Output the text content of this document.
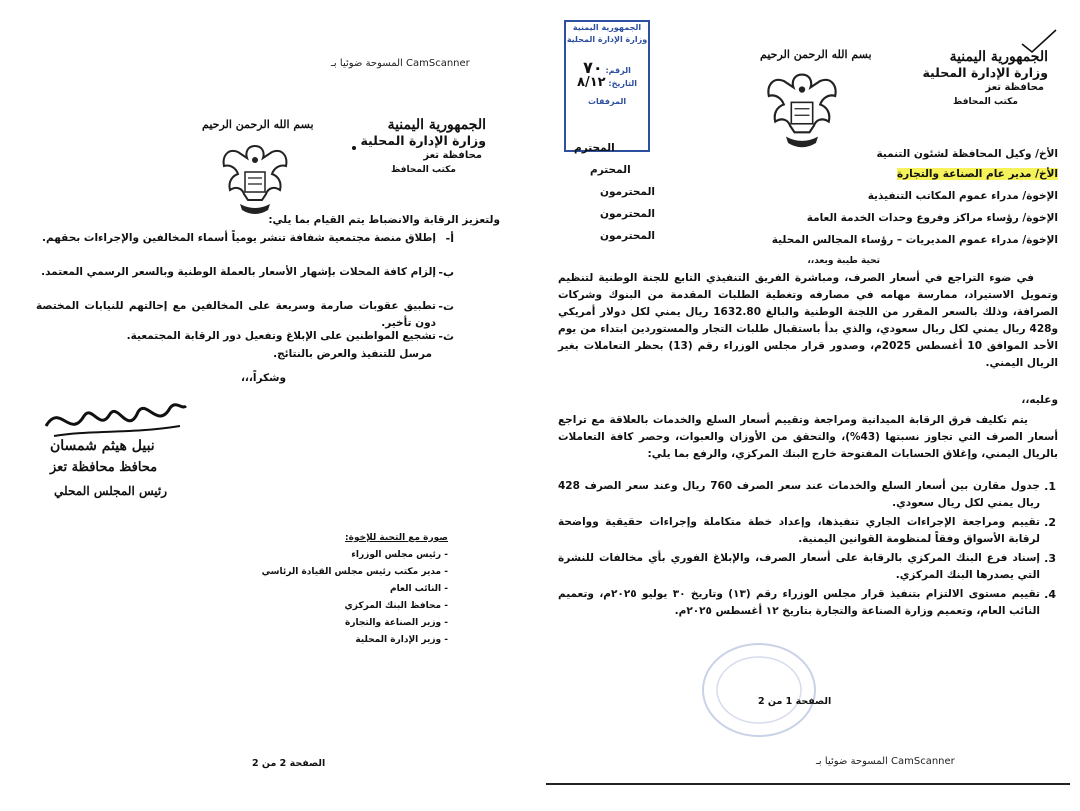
المسوحة ضوئيا بـ CamScanner
الجمهورية اليمنية
وزارة الإدارة المحلية
محافظة تعز
مكتب المحافظ
بسم الله الرحمن الرحيم
ولتعزيز الرقابة والانضباط يتم القيام بما يلي:
أ-
إطلاق منصة مجتمعية شفافة تنشر يومياً أسماء المخالفين والإجراءات بحقهم.
ب-
إلزام كافة المحلات بإشهار الأسعار بالعملة الوطنية وبالسعر الرسمي المعتمد.
ت-
تطبيق عقوبات صارمة وسريعة على المخالفين مع إحالتهم للنيابات المختصة دون تأخير.
ث-
تشجيع المواطنين على الإبلاغ وتفعيل دور الرقابة المجتمعية.
مرسل للتنفيذ والعرض بالنتائج.
وشكراً،،،
نبيل هيثم شمسان
محافظ محافظة تعز
رئيس المجلس المحلي
صورة مع التحية للإخوة:
- رئيس مجلس الوزراء
- مدير مكتب رئيس مجلس القيادة الرئاسي
- النائب العام
- محافظ البنك المركزي
- وزير الصناعة والتجارة
- وزير الإدارة المحلية
الصفحة 2 من 2
الجمهورية اليمنية
وزارة الإدارة المحلية
الرقم: ٧٠
التاريخ: ٨/١٢
المرفقات
الجمهورية اليمنية
وزارة الإدارة المحلية
محافظة تعز
مكتب المحافظ
بسم الله الرحمن الرحيم
الأخ/ وكيل المحافظة لشئون التنمية
المحترم
الأخ/ مدير عام الصناعة والتجارة
المحترم
الإخوة/ مدراء عموم المكاتب التنفيذية
المحترمون
الإخوة/ رؤساء مراكز وفروع وحدات الخدمة العامة
المحترمون
الإخوة/ مدراء عموم المديريات – رؤساء المجالس المحلية
المحترمون
تحية طيبة وبعد،،
في ضوء التراجع في أسعار الصرف، ومباشرة الفريق التنفيذي التابع للجنة الوطنية لتنظيم وتمويل الاستيراد، ممارسة مهامه في مصارفه وتغطية الطلبات المقدمة من البنوك وشركات الصرافة، وذلك بالسعر المقرر من اللجنة الوطنية والبالغ 1632.80 ريال يمني لكل دولار أمريكي و428 ريال يمني لكل ريال سعودي، والذي بدأ باستقبال طلبات التجار والمستوردين ابتداء من يوم الأحد الموافق 10 أغسطس 2025م، وصدور قرار مجلس الوزراء رقم (13) بحظر التعاملات بغير الريال اليمني.
وعليه،،
يتم تكليف فرق الرقابة الميدانية ومراجعة وتقييم أسعار السلع والخدمات بالعلاقة مع تراجع أسعار الصرف التي تجاوز نسبتها (43%)، والتحقق من الأوزان والعبوات، وحصر كافة التعاملات بالريال اليمني، وإغلاق الحسابات المفتوحة خارج البنك المركزي، والرفع بما يلي:
1.
جدول مقارن بين أسعار السلع والخدمات عند سعر الصرف 760 ريال وعند سعر الصرف 428 ريال يمني لكل ريال سعودي.
2.
تقييم ومراجعة الإجراءات الجاري تنفيذها، وإعداد خطة متكاملة وإجراءات حقيقية وواضحة لرقابة الأسواق وفقاً لمنظومة القوانين اليمنية.
3.
إسناد فرع البنك المركزي بالرقابة على أسعار الصرف، والإبلاغ الفوري بأي مخالفات للنشرة التي يصدرها البنك المركزي.
4.
تقييم مستوى الالتزام بتنفيذ قرار مجلس الوزراء رقم (١٣) وتاريخ ٣٠ يوليو ٢٠٢٥م، وتعميم النائب العام، وتعميم وزارة الصناعة والتجارة بتاريخ ١٢ أغسطس ٢٠٢٥م.
الصفحة 1 من 2
المسوحة ضوئيا بـ CamScanner
